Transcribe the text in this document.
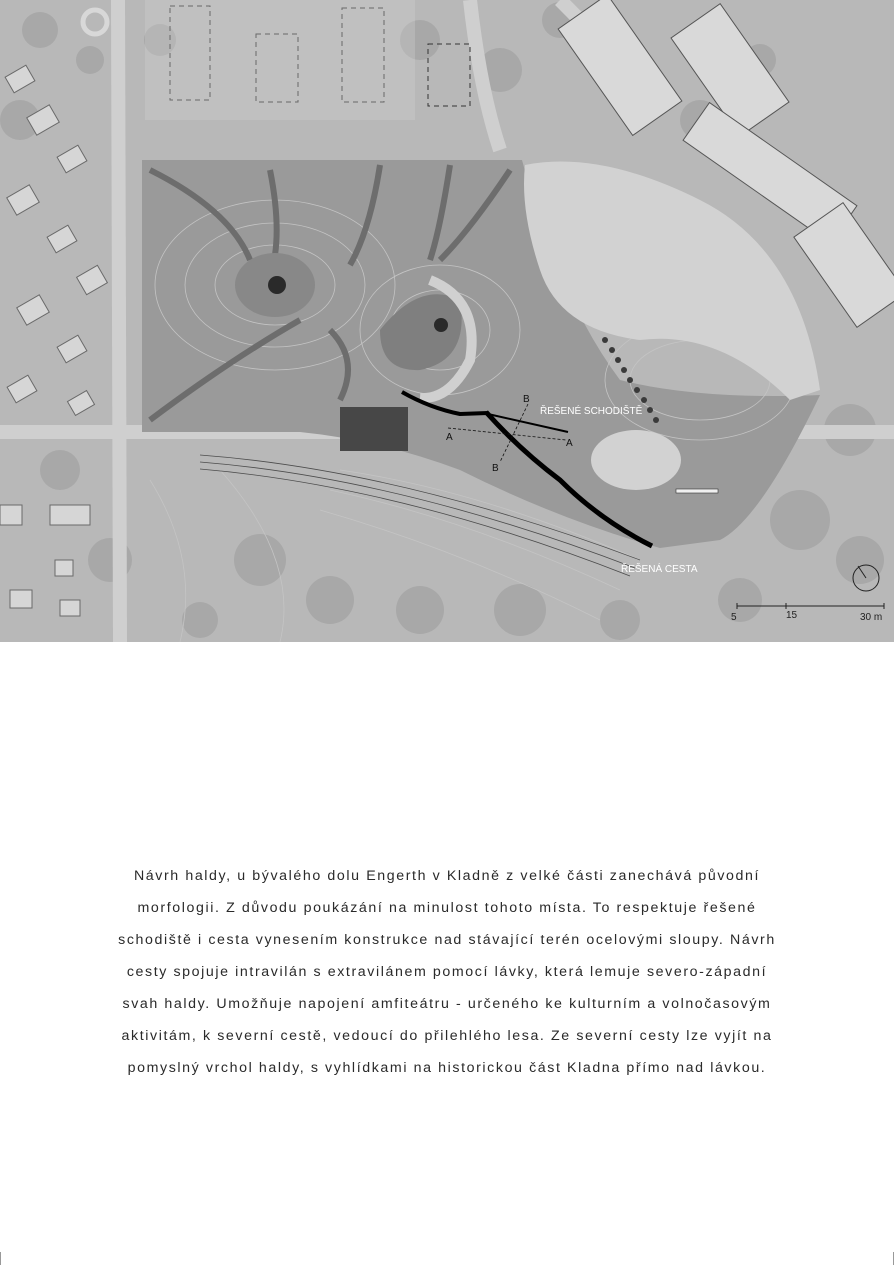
A
A
B
B
ŘEŠENÉ SCHODIŠTĚ
ŘEŠENÁ CESTA
5	15	30 m

Návrh haldy, u bývalého dolu Engerth v Kladně z velké části zanechává původní
morfologii. Z důvodu poukázání na minulost tohoto místa. To respektuje řešené
schodiště i cesta vynesením konstrukce nad stávající terén ocelovými sloupy. Návrh
cesty spojuje intravilán s extravilánem pomocí lávky, která lemuje severo-západní
svah haldy. Umožňuje napojení amfiteátru - určeného ke kulturním a volnočasovým
aktivitám, k severní cestě, vedoucí do přilehlého lesa. Ze severní cesty lze vyjít na
pomyslný vrchol haldy, s vyhlídkami na historickou část Kladna přímo nad lávkou.
